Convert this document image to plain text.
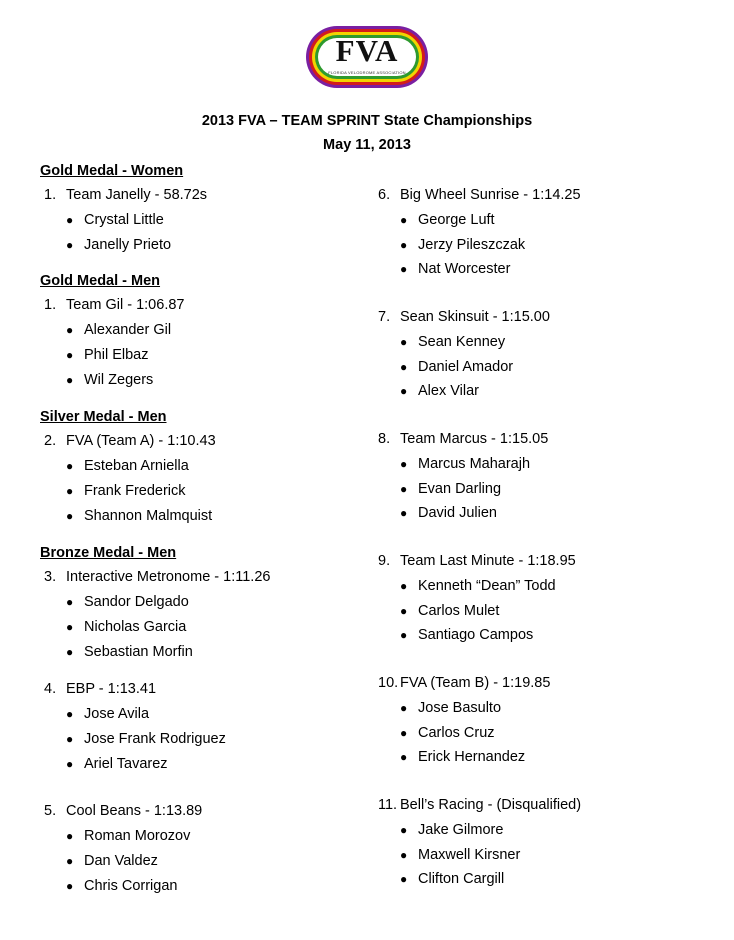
FVA
FLORIDA VELODROME ASSOCIATION
2013 FVA – TEAM SPRINT State Championships
May 11, 2013
Gold Medal - Women
1. Team Janelly - 58.72s
● Crystal Little
● Janelly Prieto
Gold Medal - Men
1. Team Gil - 1:06.87
● Alexander Gil
● Phil Elbaz
● Wil Zegers
Silver Medal - Men
2. FVA (Team A) - 1:10.43
● Esteban Arniella
● Frank Frederick
● Shannon Malmquist
Bronze Medal - Men
3. Interactive Metronome - 1:11.26
● Sandor Delgado
● Nicholas Garcia
● Sebastian Morfin
4. EBP - 1:13.41
● Jose Avila
● Jose Frank Rodriguez
● Ariel Tavarez
5. Cool Beans - 1:13.89
● Roman Morozov
● Dan Valdez
● Chris Corrigan
6. Big Wheel Sunrise - 1:14.25
● George Luft
● Jerzy Pileszczak
● Nat Worcester
7. Sean Skinsuit - 1:15.00
● Sean Kenney
● Daniel Amador
● Alex Vilar
8. Team Marcus - 1:15.05
● Marcus Maharajh
● Evan Darling
● David Julien
9. Team Last Minute - 1:18.95
● Kenneth “Dean” Todd
● Carlos Mulet
● Santiago Campos
10. FVA (Team B) - 1:19.85
● Jose Basulto
● Carlos Cruz
● Erick Hernandez
11. Bell’s Racing - (Disqualified)
● Jake Gilmore
● Maxwell Kirsner
● Clifton Cargill
